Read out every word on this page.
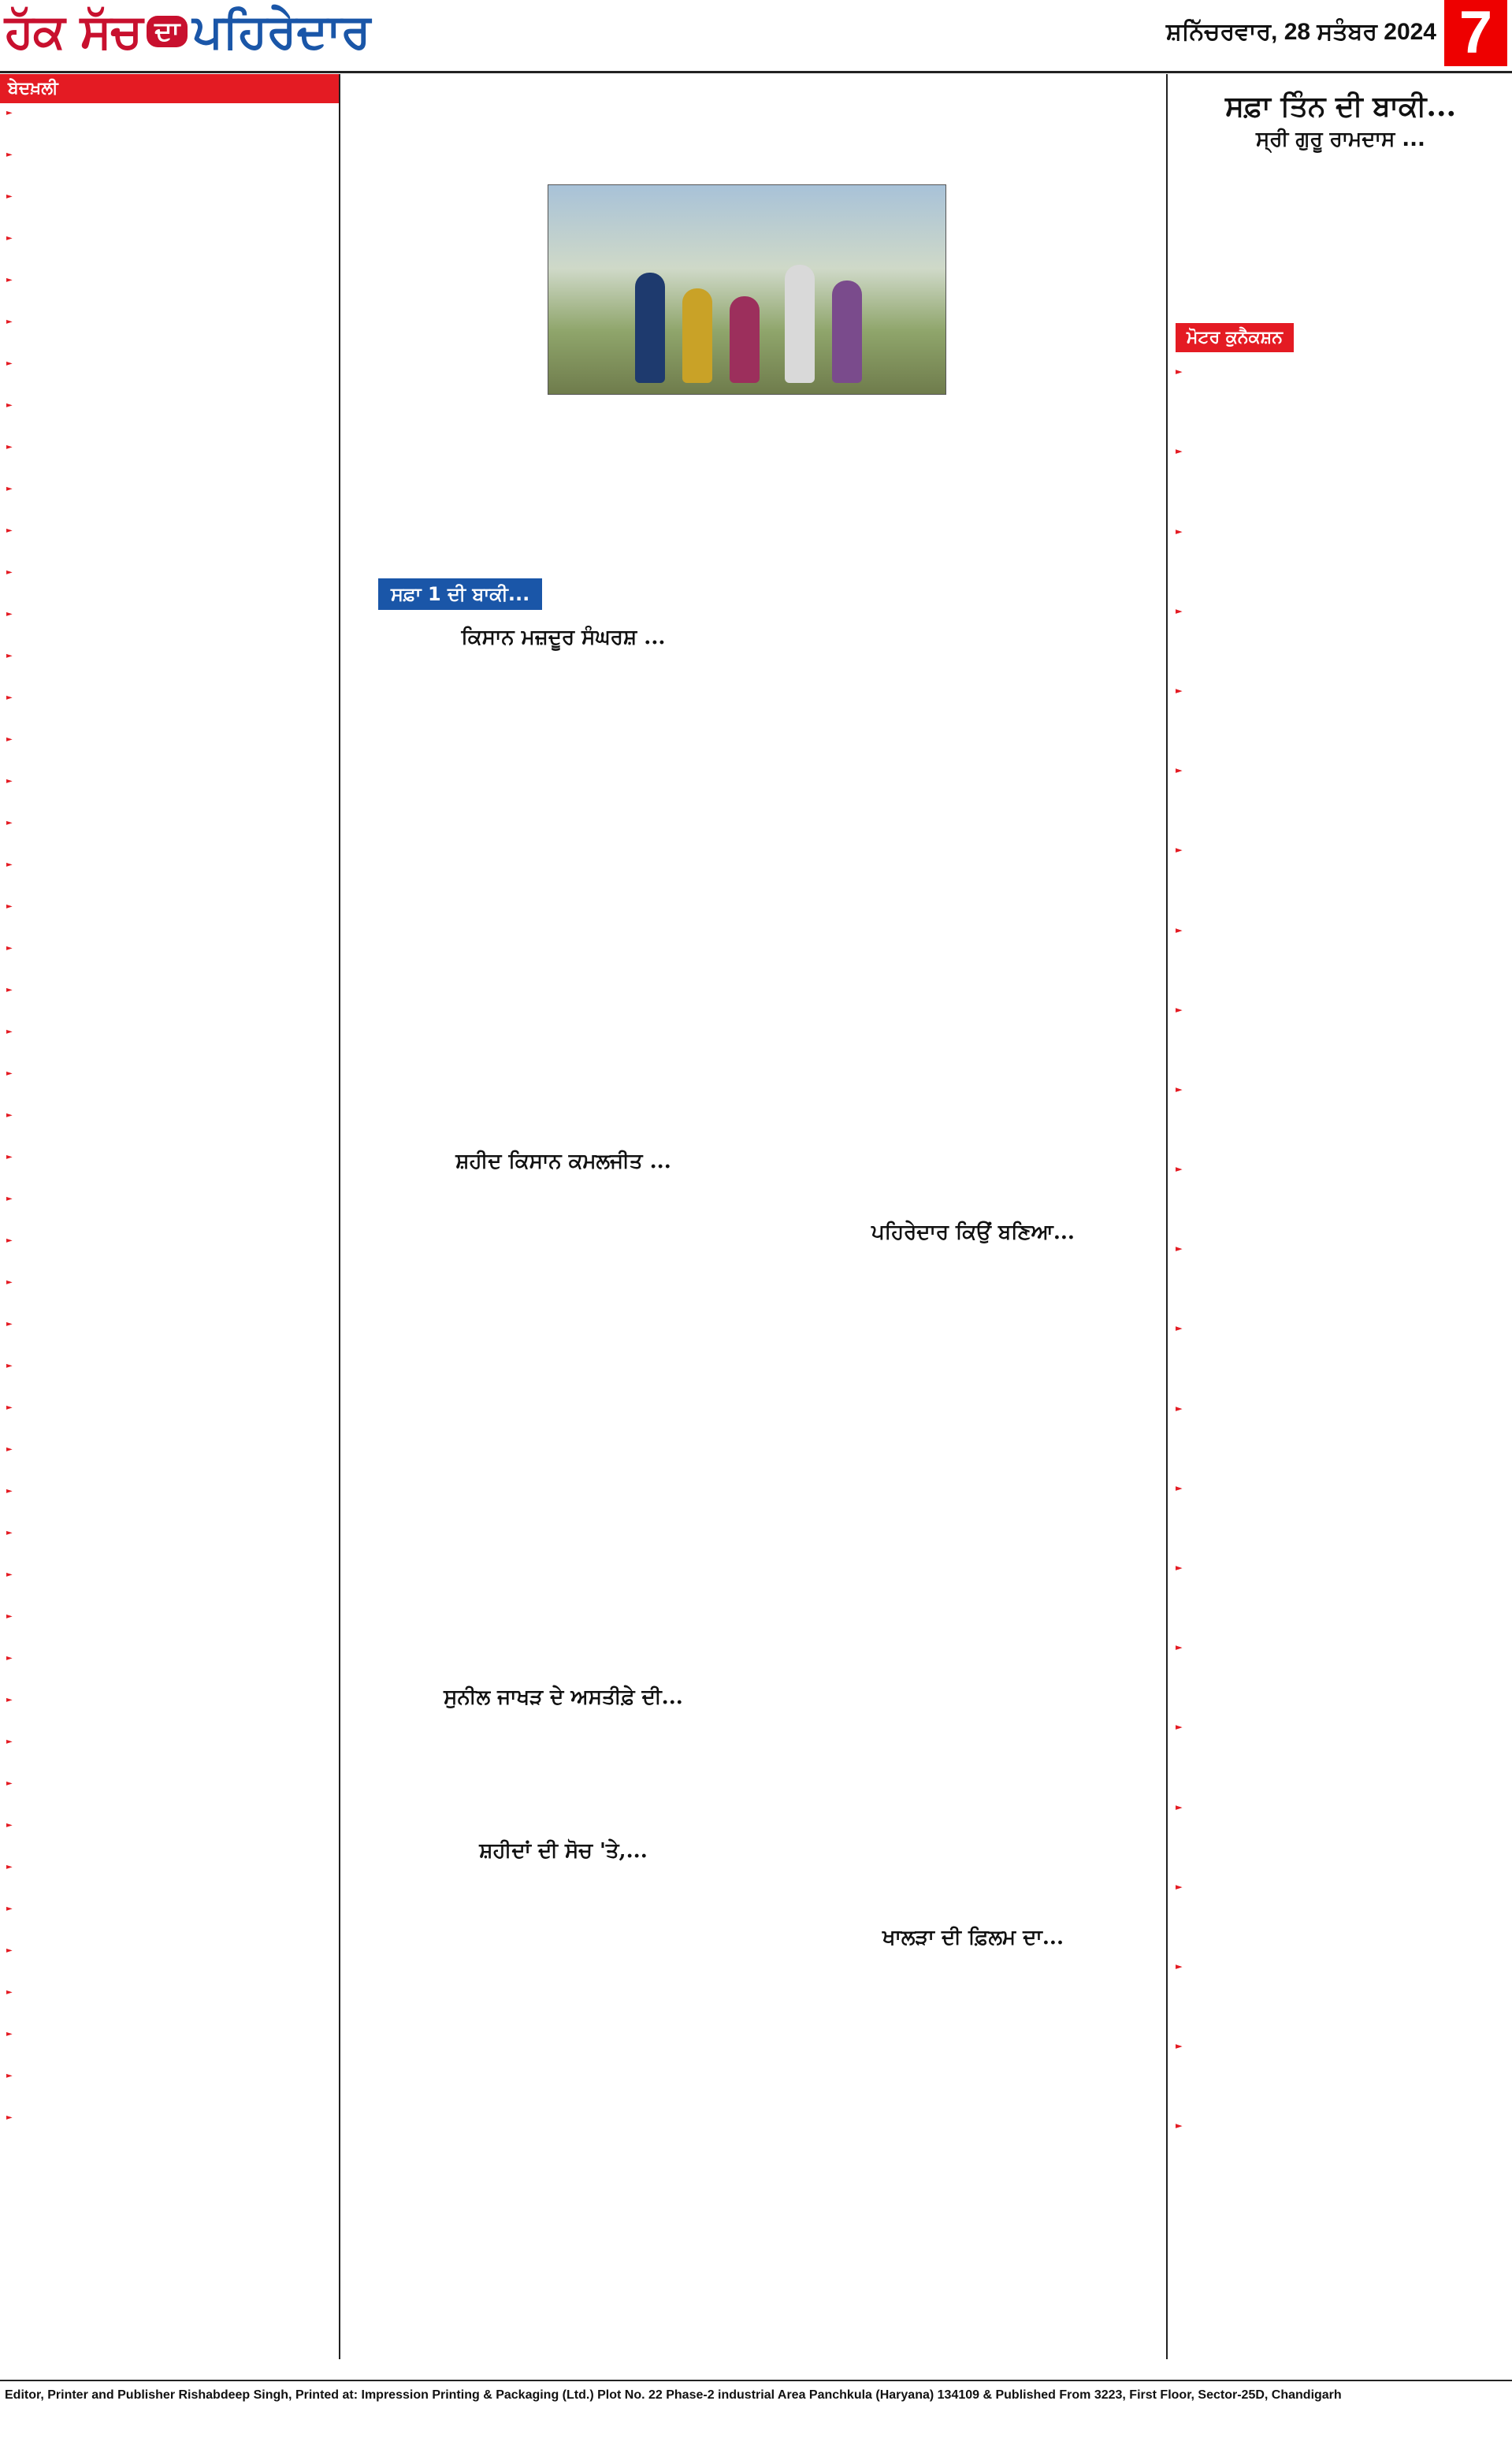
ਹੱਕ ਸੱਚ ਦਾ ਪਹਿਰੇਦਾਰ	ਸ਼ਨਿੱਚਰਵਾਰ, 28 ਸਤੰਬਰ 2024 7
ਬੇਦਖ਼ਲੀ

►

►

►

►

►

►

►

►

►

►

►

►

►

►

►

►

►

►

►

►

►

►

►

►

►

►

►

►

►

►

►

►

►

►

►

►

►

►

►

►

►

►

►

►

►

►

►

►

►

ਸਫ਼ਾ 1 ਦੀ ਬਾਕੀ...
ਕਿਸਾਨ ਮਜ਼ਦੂਰ ਸੰਘਰਸ਼ ...
ਸ਼ਹੀਦ ਕਿਸਾਨ ਕਮਲਜੀਤ ...
ਸੁਨੀਲ ਜਾਖੜ ਦੇ ਅਸਤੀਫ਼ੇ ਦੀ...
ਸ਼ਹੀਦਾਂ ਦੀ ਸੋਚ 'ਤੇ,...
ਪਹਿਰੇਦਾਰ ਕਿਉਂ ਬਣਿਆ...
ਖਾਲੜਾ ਦੀ ਫ਼ਿਲਮ ਦਾ...
ਸਫ਼ਾ ਤਿੰਨ ਦੀ ਬਾਕੀ...
ਸ੍ਰੀ ਗੁਰੂ ਰਾਮਦਾਸ ...
ਮੋਟਰ ਕੁਨੈਕਸ਼ਨ

►

►

►

►

►

►

►

►

►

►

►

►

►

►

►

►

►

►

►

►

►

►

►

Editor, Printer and Publisher Rishabdeep Singh, Printed at: Impression Printing & Packaging (Ltd.) Plot No. 22 Phase-2 industrial Area Panchkula (Haryana) 134109 & Published From 3223, First Floor, Sector-25D, Chandigarh
